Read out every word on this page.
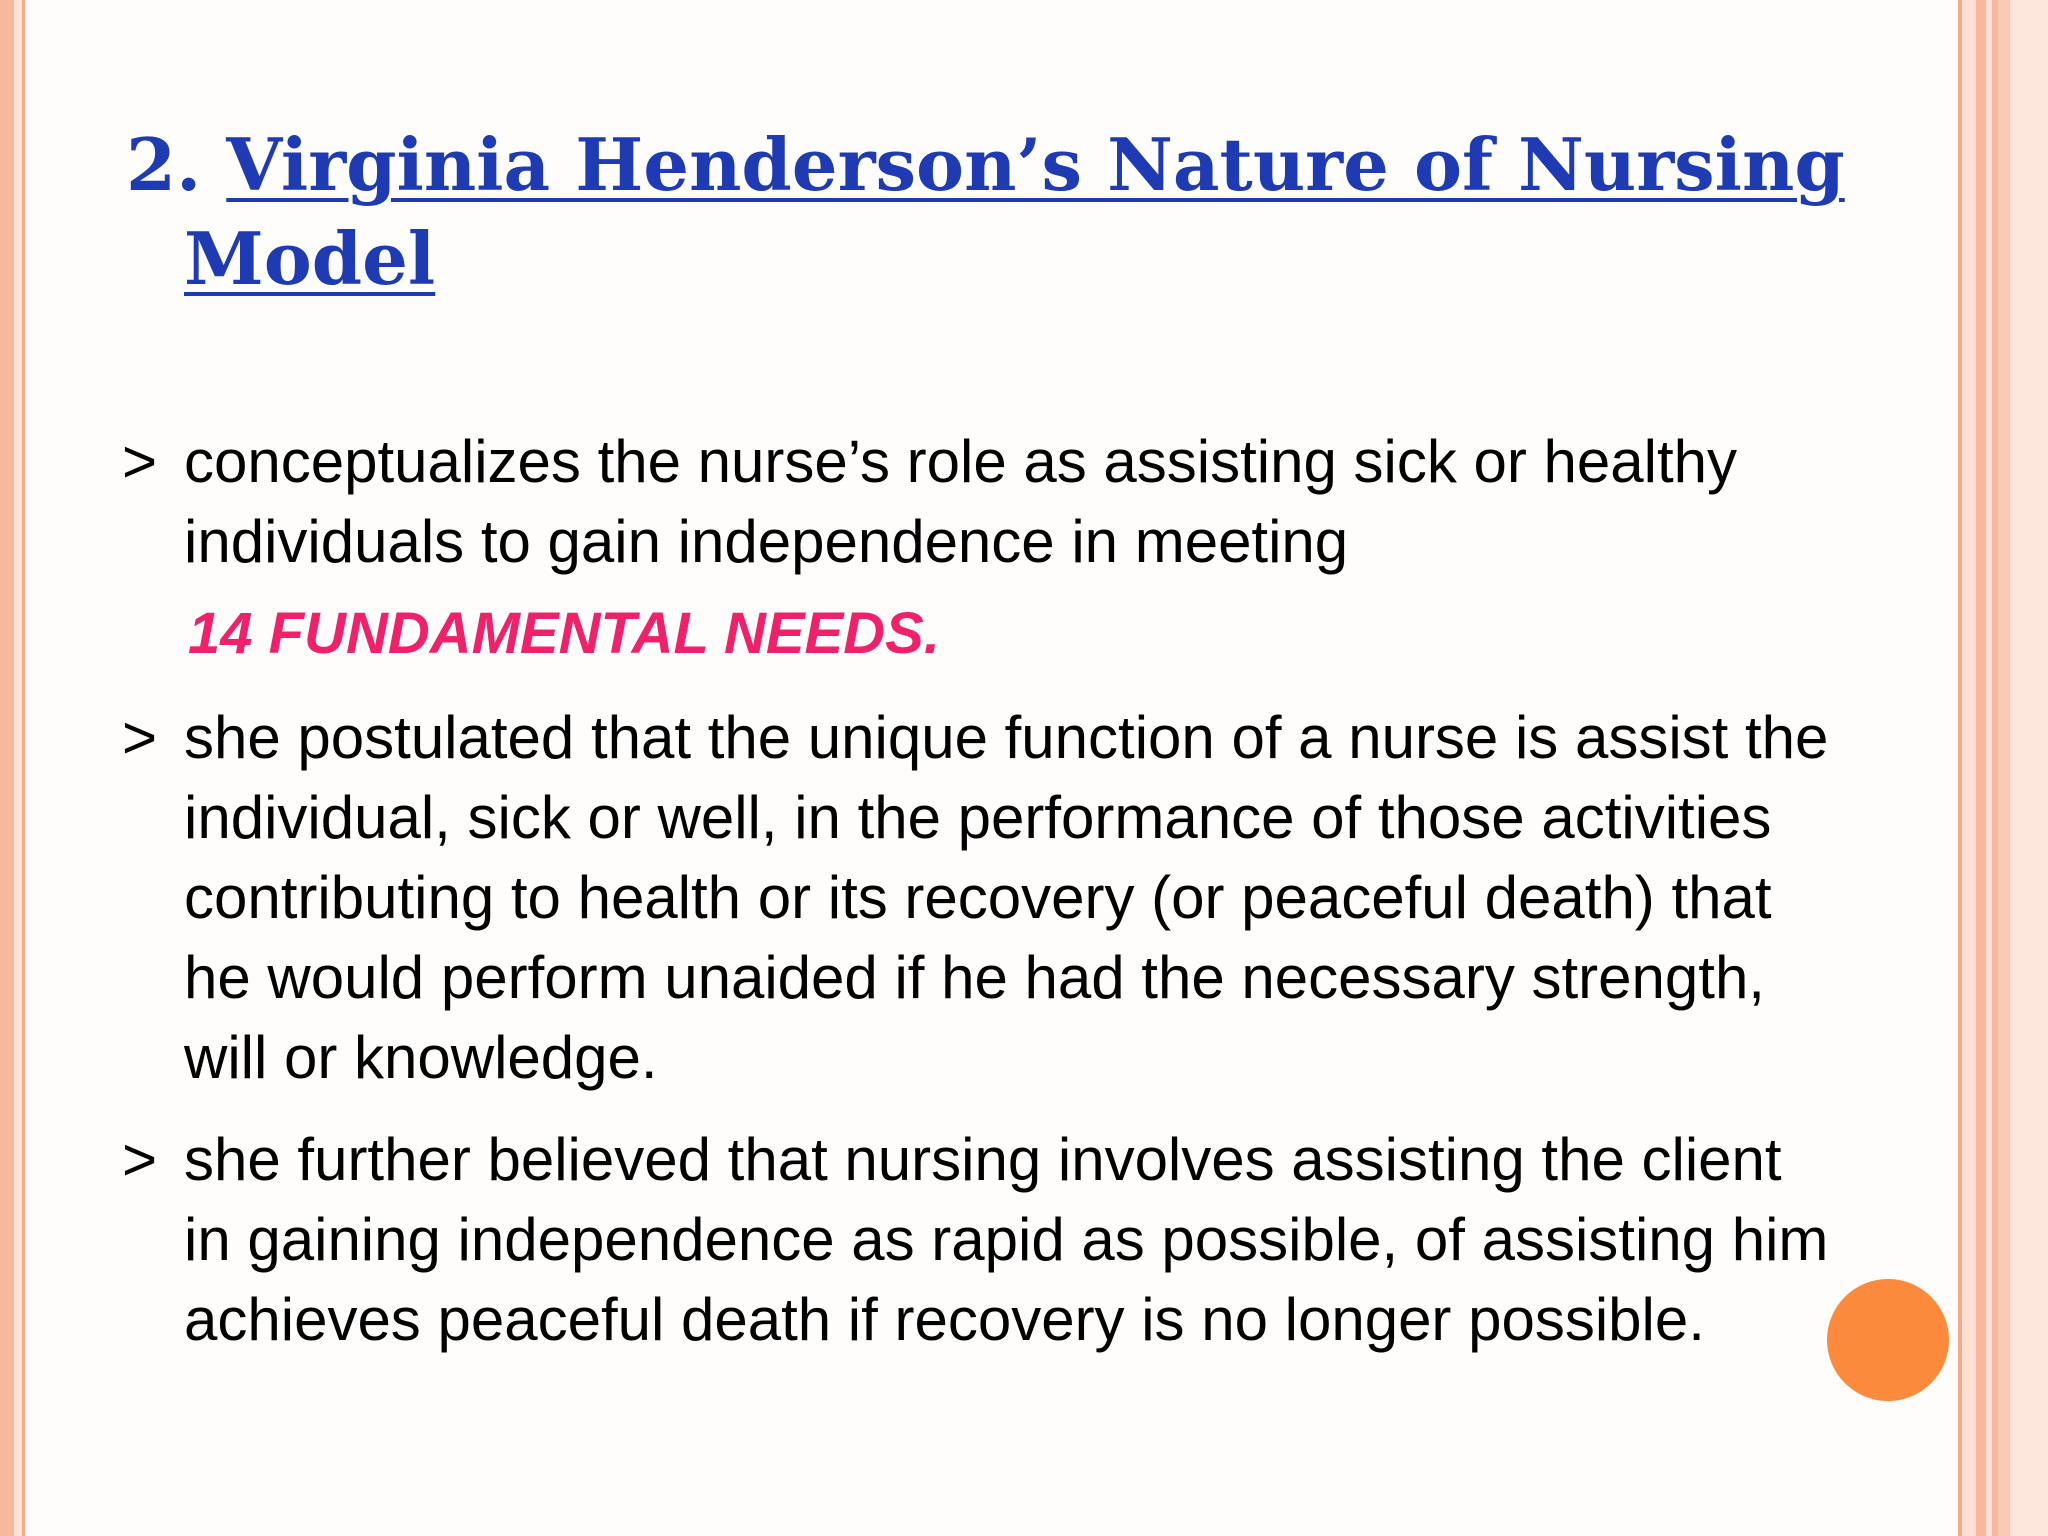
2. Virginia Henderson’s Nature of Nursing
Model
> conceptualizes the nurse’s role as assisting sick or healthy individuals to gain independence in meeting
14 FUNDAMENTAL NEEDS.
> she postulated that the unique function of a nurse is assist the individual, sick or well, in the performance of those activities contributing to health or its recovery (or peaceful death) that he would perform unaided if he had the necessary strength, will or knowledge.
> she further believed that nursing involves assisting the client in gaining independence as rapid as possible, of assisting him achieves peaceful death if recovery is no longer possible.
